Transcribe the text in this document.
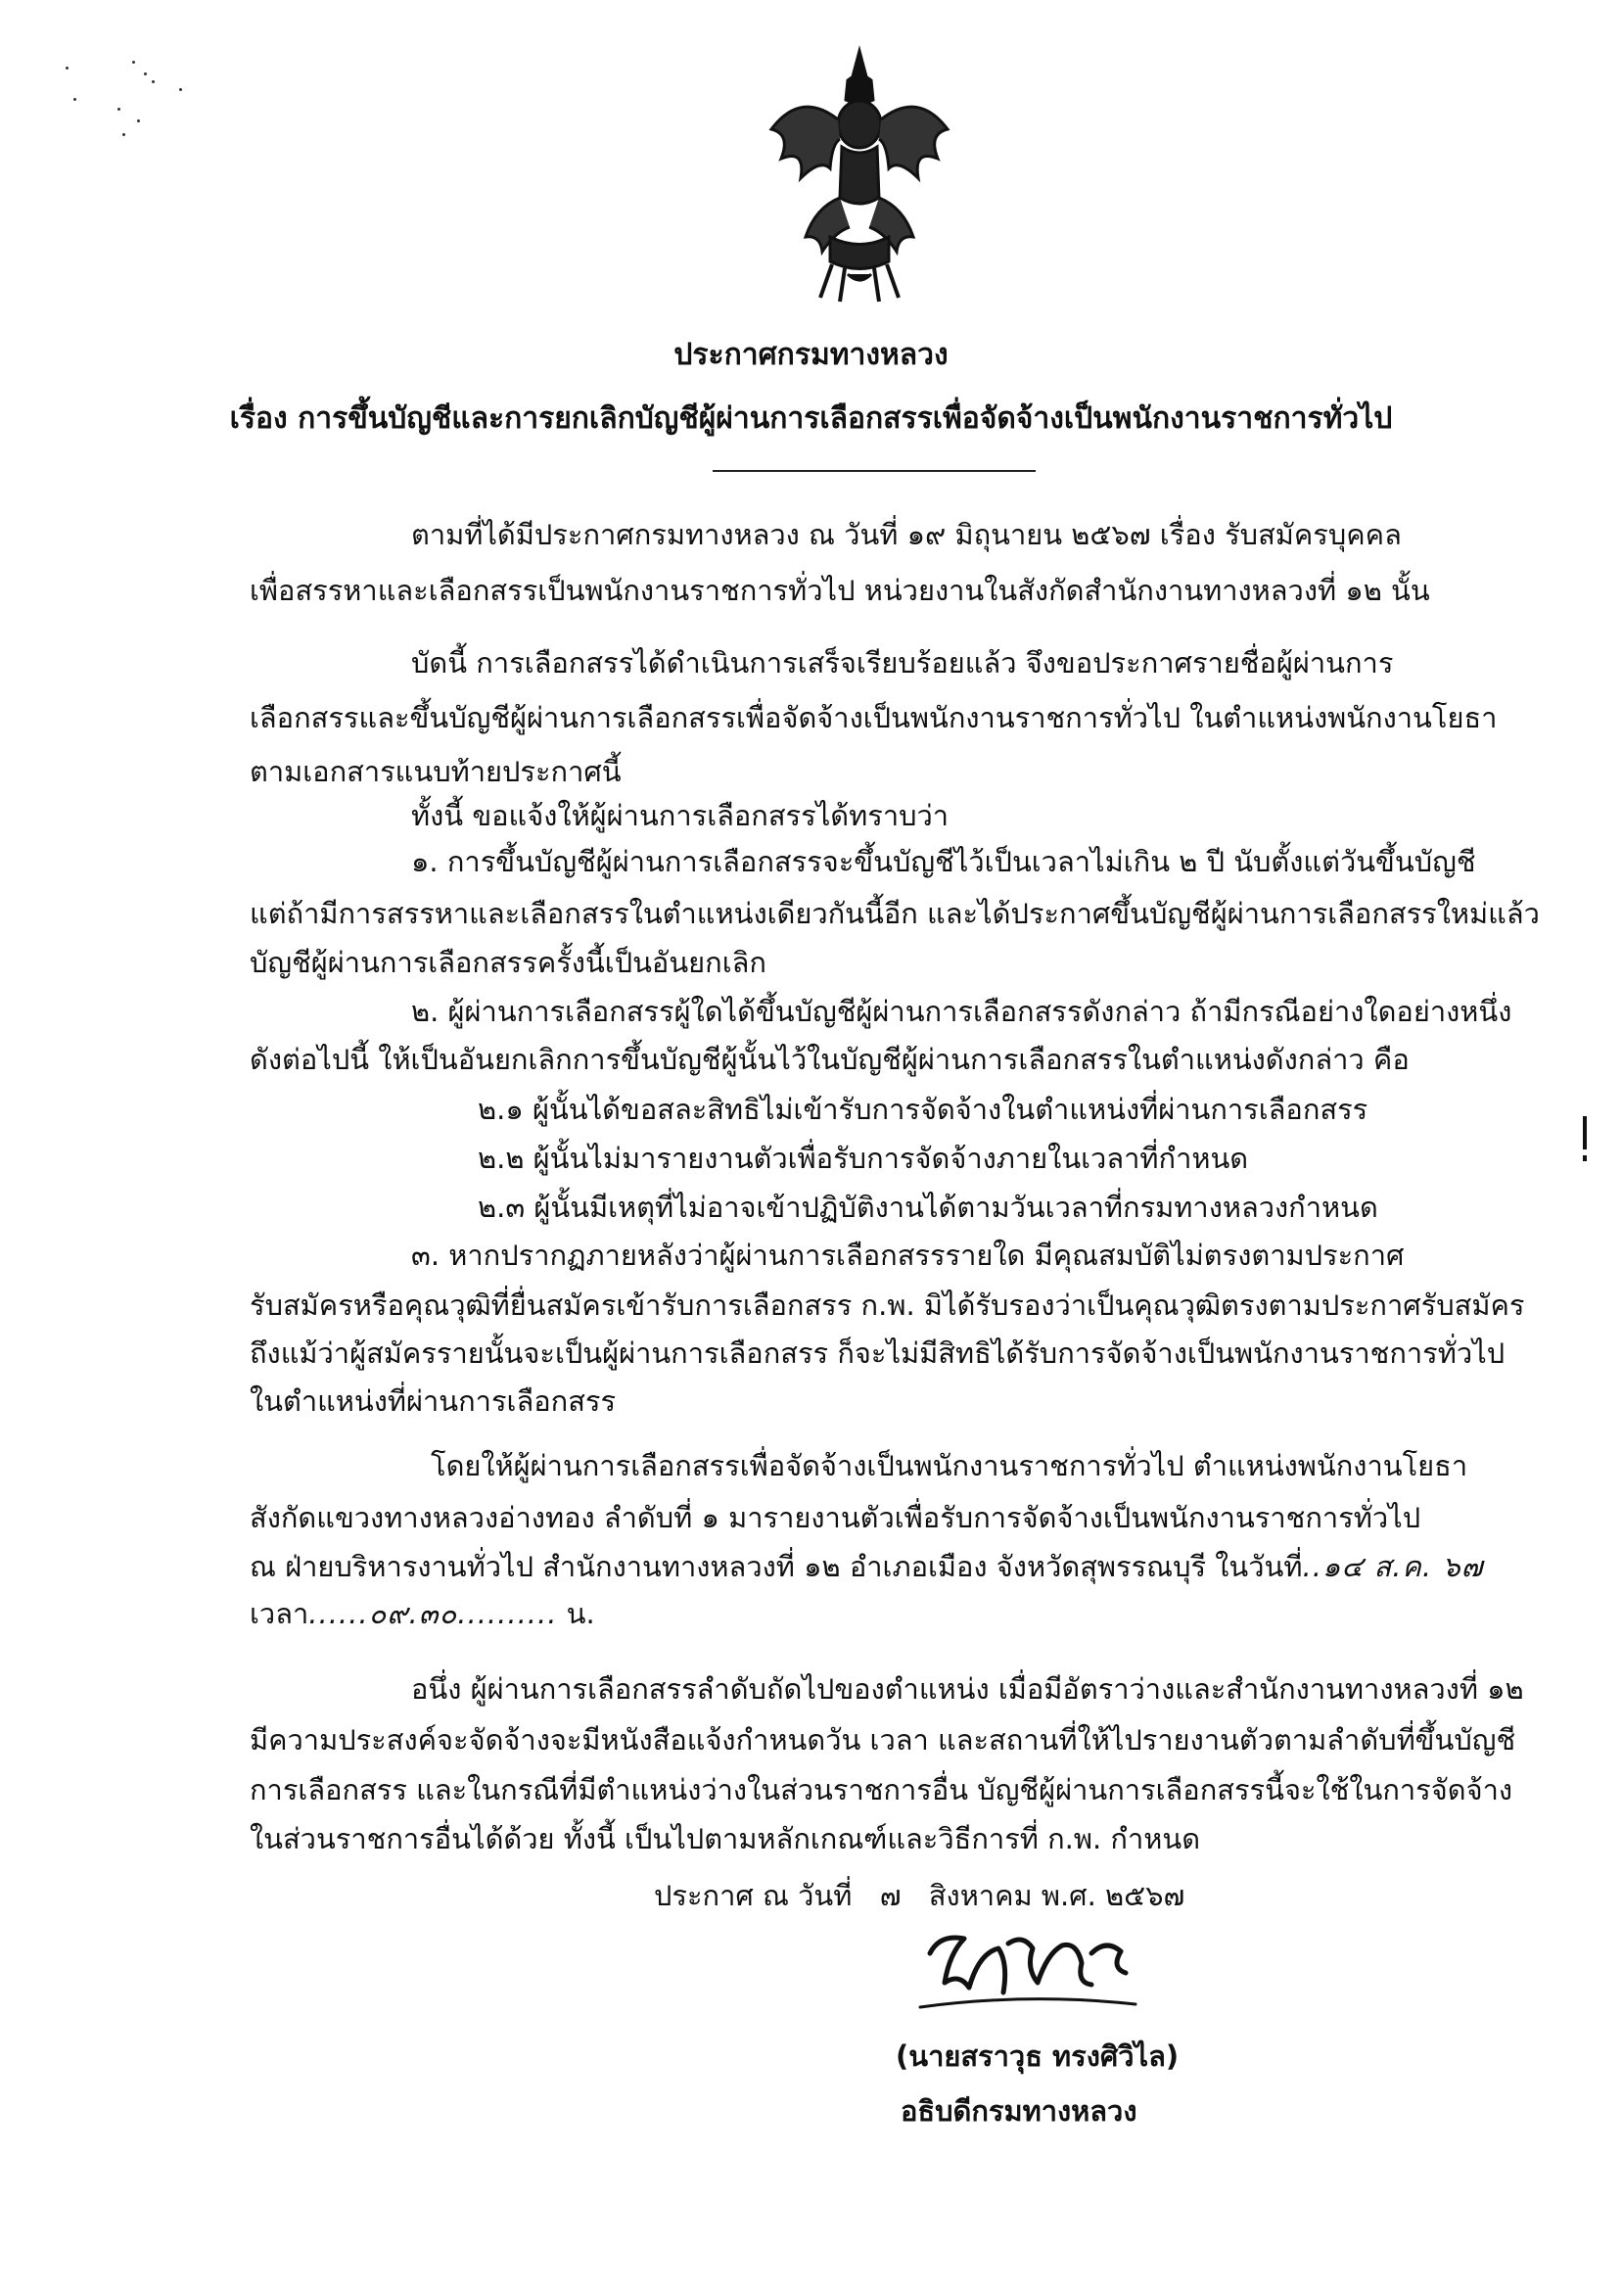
ประกาศกรมทางหลวง
เรื่อง การขึ้นบัญชีและการยกเลิกบัญชีผู้ผ่านการเลือกสรรเพื่อจัดจ้างเป็นพนักงานราชการทั่วไป
ตามที่ได้มีประกาศกรมทางหลวง ณ วันที่ ๑๙ มิถุนายน ๒๕๖๗ เรื่อง รับสมัครบุคคล
เพื่อสรรหาและเลือกสรรเป็นพนักงานราชการทั่วไป หน่วยงานในสังกัดสำนักงานทางหลวงที่ ๑๒ นั้น
บัดนี้ การเลือกสรรได้ดำเนินการเสร็จเรียบร้อยแล้ว จึงขอประกาศรายชื่อผู้ผ่านการ
เลือกสรรและขึ้นบัญชีผู้ผ่านการเลือกสรรเพื่อจัดจ้างเป็นพนักงานราชการทั่วไป ในตำแหน่งพนักงานโยธา
ตามเอกสารแนบท้ายประกาศนี้
ทั้งนี้ ขอแจ้งให้ผู้ผ่านการเลือกสรรได้ทราบว่า
๑. การขึ้นบัญชีผู้ผ่านการเลือกสรรจะขึ้นบัญชีไว้เป็นเวลาไม่เกิน ๒ ปี นับตั้งแต่วันขึ้นบัญชี
แต่ถ้ามีการสรรหาและเลือกสรรในตำแหน่งเดียวกันนี้อีก และได้ประกาศขึ้นบัญชีผู้ผ่านการเลือกสรรใหม่แล้ว
บัญชีผู้ผ่านการเลือกสรรครั้งนี้เป็นอันยกเลิก
๒. ผู้ผ่านการเลือกสรรผู้ใดได้ขึ้นบัญชีผู้ผ่านการเลือกสรรดังกล่าว ถ้ามีกรณีอย่างใดอย่างหนึ่ง
ดังต่อไปนี้ ให้เป็นอันยกเลิกการขึ้นบัญชีผู้นั้นไว้ในบัญชีผู้ผ่านการเลือกสรรในตำแหน่งดังกล่าว คือ
๒.๑ ผู้นั้นได้ขอสละสิทธิไม่เข้ารับการจัดจ้างในตำแหน่งที่ผ่านการเลือกสรร
๒.๒ ผู้นั้นไม่มารายงานตัวเพื่อรับการจัดจ้างภายในเวลาที่กำหนด
๒.๓ ผู้นั้นมีเหตุที่ไม่อาจเข้าปฏิบัติงานได้ตามวันเวลาที่กรมทางหลวงกำหนด
๓. หากปรากฏภายหลังว่าผู้ผ่านการเลือกสรรรายใด มีคุณสมบัติไม่ตรงตามประกาศ
รับสมัครหรือคุณวุฒิที่ยื่นสมัครเข้ารับการเลือกสรร ก.พ. มิได้รับรองว่าเป็นคุณวุฒิตรงตามประกาศรับสมัคร
ถึงแม้ว่าผู้สมัครรายนั้นจะเป็นผู้ผ่านการเลือกสรร ก็จะไม่มีสิทธิได้รับการจัดจ้างเป็นพนักงานราชการทั่วไป
ในตำแหน่งที่ผ่านการเลือกสรร
โดยให้ผู้ผ่านการเลือกสรรเพื่อจัดจ้างเป็นพนักงานราชการทั่วไป ตำแหน่งพนักงานโยธา
สังกัดแขวงทางหลวงอ่างทอง ลำดับที่ ๑ มารายงานตัวเพื่อรับการจัดจ้างเป็นพนักงานราชการทั่วไป
ณ ฝ่ายบริหารงานทั่วไป สำนักงานทางหลวงที่ ๑๒ อำเภอเมือง จังหวัดสุพรรณบุรี ในวันที่..๑๔ ส.ค. ๖๗
เวลา......๐๙.๓๐.......... น.
อนึ่ง ผู้ผ่านการเลือกสรรลำดับถัดไปของตำแหน่ง เมื่อมีอัตราว่างและสำนักงานทางหลวงที่ ๑๒
มีความประสงค์จะจัดจ้างจะมีหนังสือแจ้งกำหนดวัน เวลา และสถานที่ให้ไปรายงานตัวตามลำดับที่ขึ้นบัญชี
การเลือกสรร และในกรณีที่มีตำแหน่งว่างในส่วนราชการอื่น บัญชีผู้ผ่านการเลือกสรรนี้จะใช้ในการจัดจ้าง
ในส่วนราชการอื่นได้ด้วย ทั้งนี้ เป็นไปตามหลักเกณฑ์และวิธีการที่ ก.พ. กำหนด
ประกาศ ณ วันที่ ๗ สิงหาคม พ.ศ. ๒๕๖๗
(นายสราวุธ ทรงศิวิไล)
อธิบดีกรมทางหลวง
